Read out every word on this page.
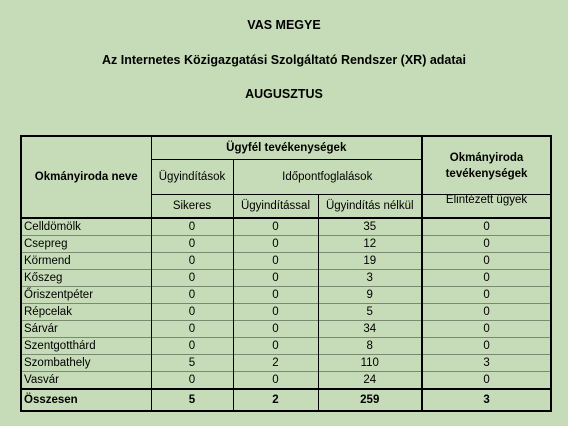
VAS MEGYE
Az Internetes Közigazgatási Szolgáltató Rendszer (XR) adatai
AUGUSZTUS
Okmányiroda neve	Ügyfél tevékenységek			Okmányiroda tevékenységek
	Ügyindítások	Időpontfoglalások		
	Sikeres	Ügyindítással	Ügyindítás nélkül	Elintézett ügyek
Celldömölk	0	0	35	0
Csepreg	0	0	12	0
Körmend	0	0	19	0
Kőszeg	0	0	3	0
Őriszentpéter	0	0	9	0
Répcelak	0	0	5	0
Sárvár	0	0	34	0
Szentgotthárd	0	0	8	0
Szombathely	5	2	110	3
Vasvár	0	0	24	0
Összesen	5	2	259	3
